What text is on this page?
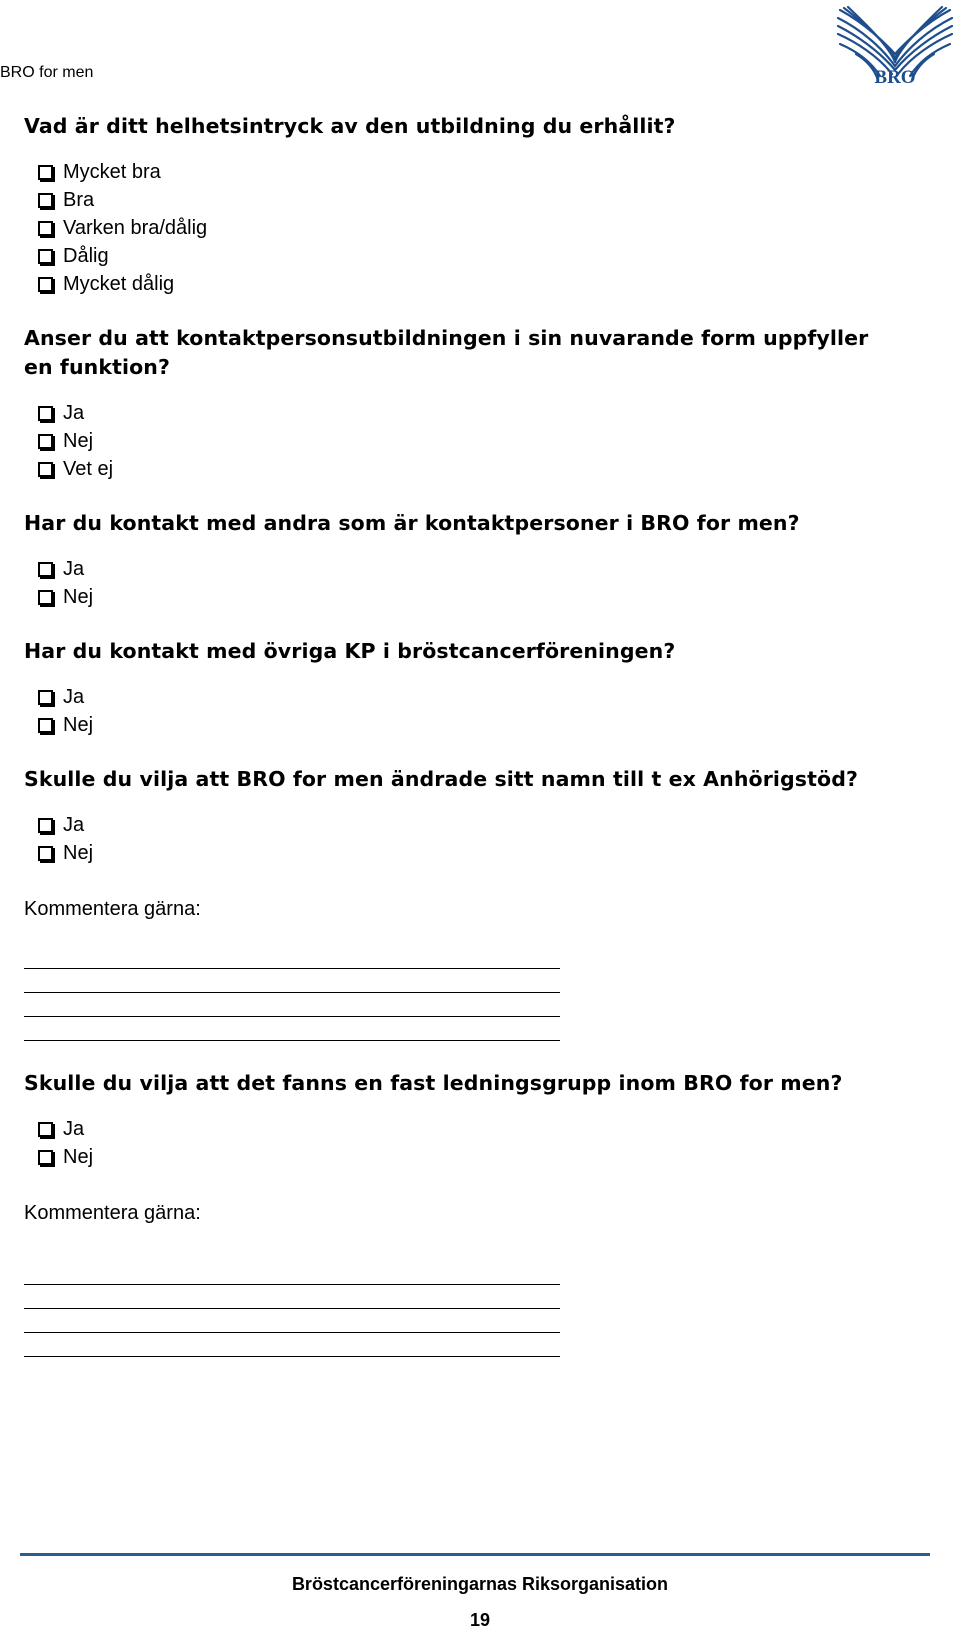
BRO for men	BRO

Vad är ditt helhetsintryck av den utbildning du erhållit?

Mycket bra
Bra
Varken bra/dålig
Dålig
Mycket dålig

Anser du att kontaktpersonsutbildningen i sin nuvarande form uppfyller en funktion?

Ja
Nej
Vet ej

Har du kontakt med andra som är kontaktpersoner i BRO for men?

Ja
Nej

Har du kontakt med övriga KP i bröstcancerföreningen?

Ja
Nej

Skulle du vilja att BRO for men ändrade sitt namn till t ex Anhörigstöd?

Ja
Nej

Kommentera gärna:

Skulle du vilja att det fanns en fast ledningsgrupp inom BRO for men?

Ja
Nej

Kommentera gärna:

Bröstcancerföreningarnas Riksorganisation
19
